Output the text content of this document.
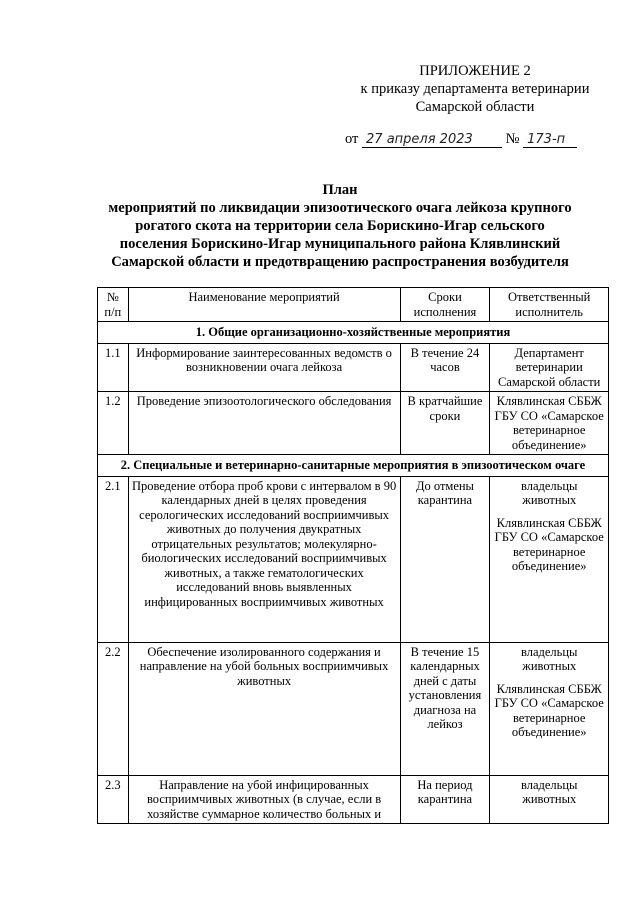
ПРИЛОЖЕНИЕ 2
к приказу департамента ветеринарии
Самарской области
от 27 апреля 2023 № 173-п
План
мероприятий по ликвидации эпизоотического очага лейкоза крупного рогатого скота на территории села Борискино-Игар сельского поселения Борискино-Игар муниципального района Клявлинский Самарской области и предотвращению распространения возбудителя
№ п/п	Наименование мероприятий	Сроки исполнения	Ответственный исполнитель
1. Общие организационно-хозяйственные мероприятия			
1.1	Информирование заинтересованных ведомств о возникновении очага лейкоза	В течение 24 часов	Департамент ветеринарии Самарской области
1.2	Проведение эпизоотологического обследования	В кратчайшие сроки	Клявлинская СББЖ ГБУ СО «Самарское ветеринарное объединение»
2. Специальные и ветеринарно-санитарные мероприятия в эпизоотическом очаге			
2.1	Проведение отбора проб крови с интервалом в 90 календарных дней в целях проведения серологических исследований восприимчивых животных до получения двукратных отрицательных результатов; молекулярно-биологических исследований восприимчивых животных, а также гематологических исследований вновь выявленных инфицированных восприимчивых животных	До отмены карантина	владельцы животных
Клявлинская СББЖ ГБУ СО «Самарское ветеринарное объединение»

2.2	Обеспечение изолированного содержания и направление на убой больных восприимчивых животных	В течение 15 календарных дней с даты установления диагноза на лейкоз	владельцы животных
Клявлинская СББЖ ГБУ СО «Самарское ветеринарное объединение»

2.3	Направление на убой инфицированных восприимчивых животных (в случае, если в хозяйстве суммарное количество больных и	На период карантина	владельцы животных
